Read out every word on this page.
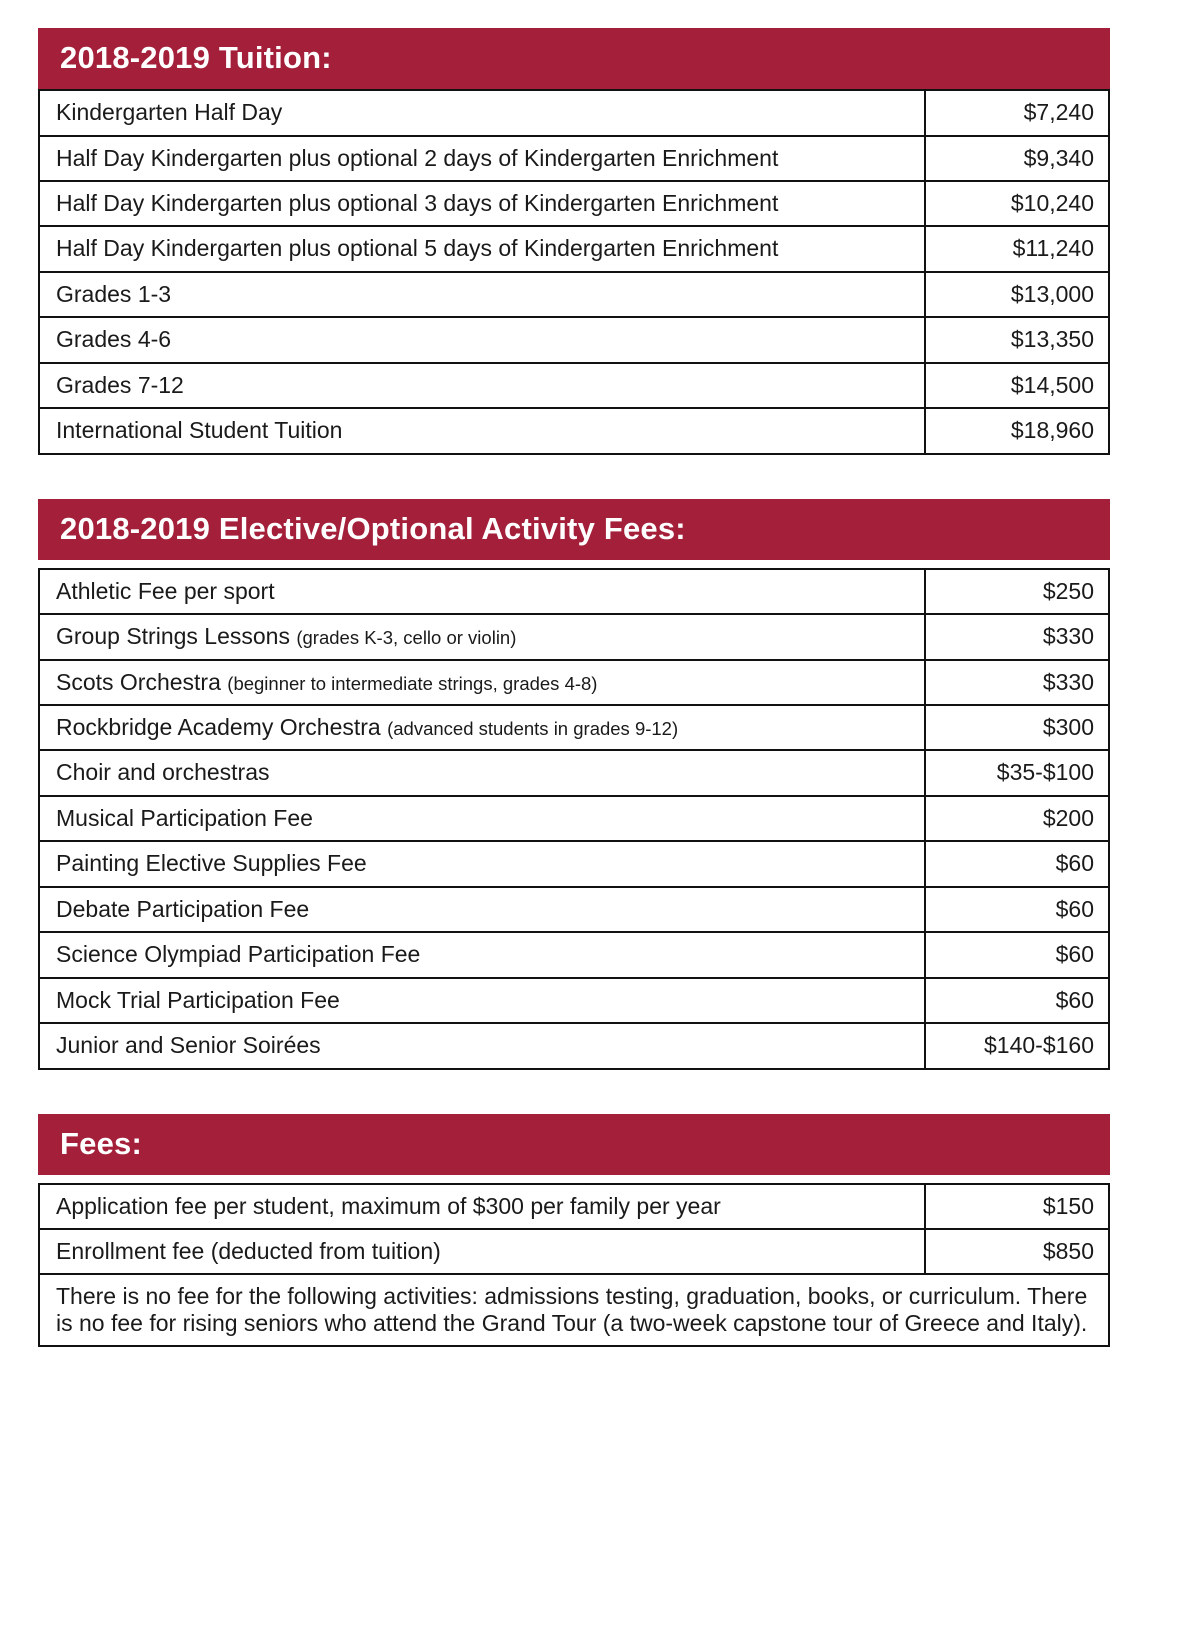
2018-2019 Tuition:
Kindergarten Half Day	$7,240
Half Day Kindergarten plus optional 2 days of Kindergarten Enrichment	$9,340
Half Day Kindergarten plus optional 3 days of Kindergarten Enrichment	$10,240
Half Day Kindergarten plus optional 5 days of Kindergarten Enrichment	$11,240
Grades 1-3	$13,000
Grades 4-6	$13,350
Grades 7-12	$14,500
International Student Tuition	$18,960
2018-2019 Elective/Optional Activity Fees:
Athletic Fee per sport	$250
Group Strings Lessons (grades K-3, cello or violin)	$330
Scots Orchestra (beginner to intermediate strings, grades 4-8)	$330
Rockbridge Academy Orchestra (advanced students in grades 9-12)	$300
Choir and orchestras	$35-$100
Musical Participation Fee	$200
Painting Elective Supplies Fee	$60
Debate Participation Fee	$60
Science Olympiad Participation Fee	$60
Mock Trial Participation Fee	$60
Junior and Senior Soirées	$140-$160
Fees:
Application fee per student, maximum of $300 per family per year	$150
Enrollment fee (deducted from tuition)	$850
There is no fee for the following activities: admissions testing, graduation, books, or curriculum. There is no fee for rising seniors who attend the Grand Tour (a two-week capstone tour of Greece and Italy).	
